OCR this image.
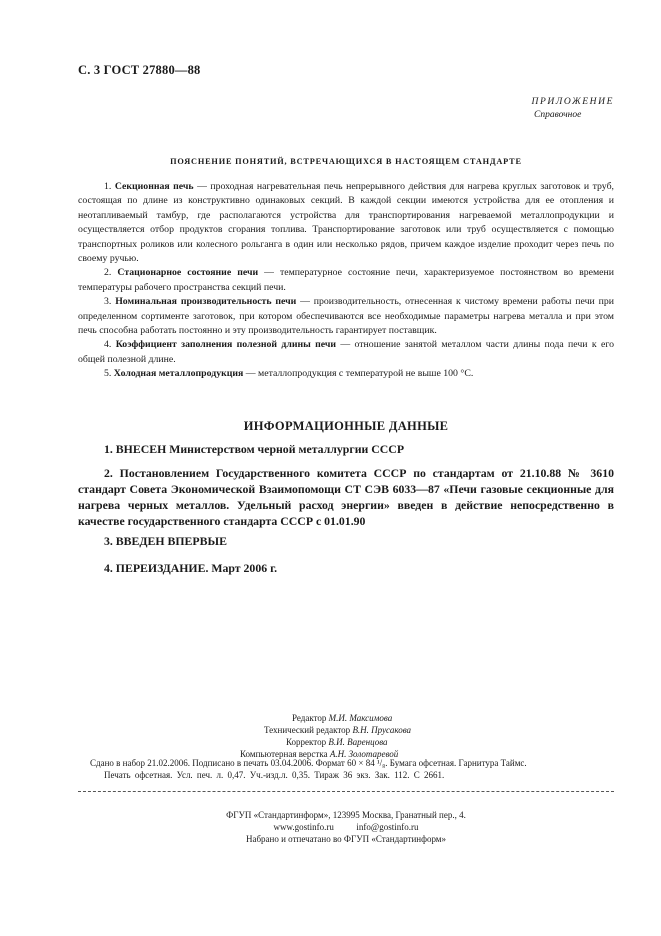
С. 3 ГОСТ 27880—88
ПРИЛОЖЕНИЕ
Справочное
ПОЯСНЕНИЕ ПОНЯТИЙ, ВСТРЕЧАЮЩИХСЯ В НАСТОЯЩЕМ СТАНДАРТЕ

1. Секционная печь — проходная нагревательная печь непрерывного действия для нагрева круглых заготовок и труб, состоящая по длине из конструктивно одинаковых секций. В каждой секции имеются устройства для ее отопления и неотапливаемый тамбур, где располагаются устройства для транспортирования нагреваемой металлопродукции и осуществляется отбор продуктов сгорания топлива. Транспортирование заготовок или труб осуществляется с помощью транспортных роликов или колесного рольганга в один или несколько рядов, причем каждое изделие проходит через печь по своему ручью.

2. Стационарное состояние печи — температурное состояние печи, характеризуемое постоянством во времени температуры рабочего пространства секций печи.

3. Номинальная производительность печи — производительность, отнесенная к чистому времени работы печи при определенном сортименте заготовок, при котором обеспечиваются все необходимые параметры нагрева металла и при этом печь способна работать постоянно и эту производительность гарантирует поставщик.

4. Коэффициент заполнения полезной длины печи — отношение занятой металлом части длины пода печи к его общей полезной длине.

5. Холодная металлопродукция — металлопродукция с температурой не выше 100 °С.

ИНФОРМАЦИОННЫЕ ДАННЫЕ

1. ВНЕСЕН Министерством черной металлургии СССР

2. Постановлением Государственного комитета СССР по стандартам от 21.10.88 № 3610 стандарт Совета Экономической Взаимопомощи СТ СЭВ 6033—87 «Печи газовые секционные для нагрева черных металлов. Удельный расход энергии» введен в действие непосредственно в качестве государственного стандарта СССР с 01.01.90

3. ВВЕДЕН ВПЕРВЫЕ

4. ПЕРЕИЗДАНИЕ. Март 2006 г.

Редактор М.И. Максимова
Технический редактор В.Н. Прусакова
Корректор В.И. Варенцова
Компьютерная верстка А.Н. Золотаревой
Сдано в набор 21.02.2006. Подписано в печать 03.04.2006. Формат 60 × 84 ¹/₈. Бумага офсетная. Гарнитура Таймс.
Печать офсетная. Усл. печ. л. 0,47. Уч.-изд.л. 0,35. Тираж 36 экз. Зак. 112. С 2661.
ФГУП «Стандартинформ», 123995 Москва, Гранатный пер., 4.
www.gostinfo.ru          info@gostinfo.ru
Набрано и отпечатано во ФГУП «Стандартинформ»
